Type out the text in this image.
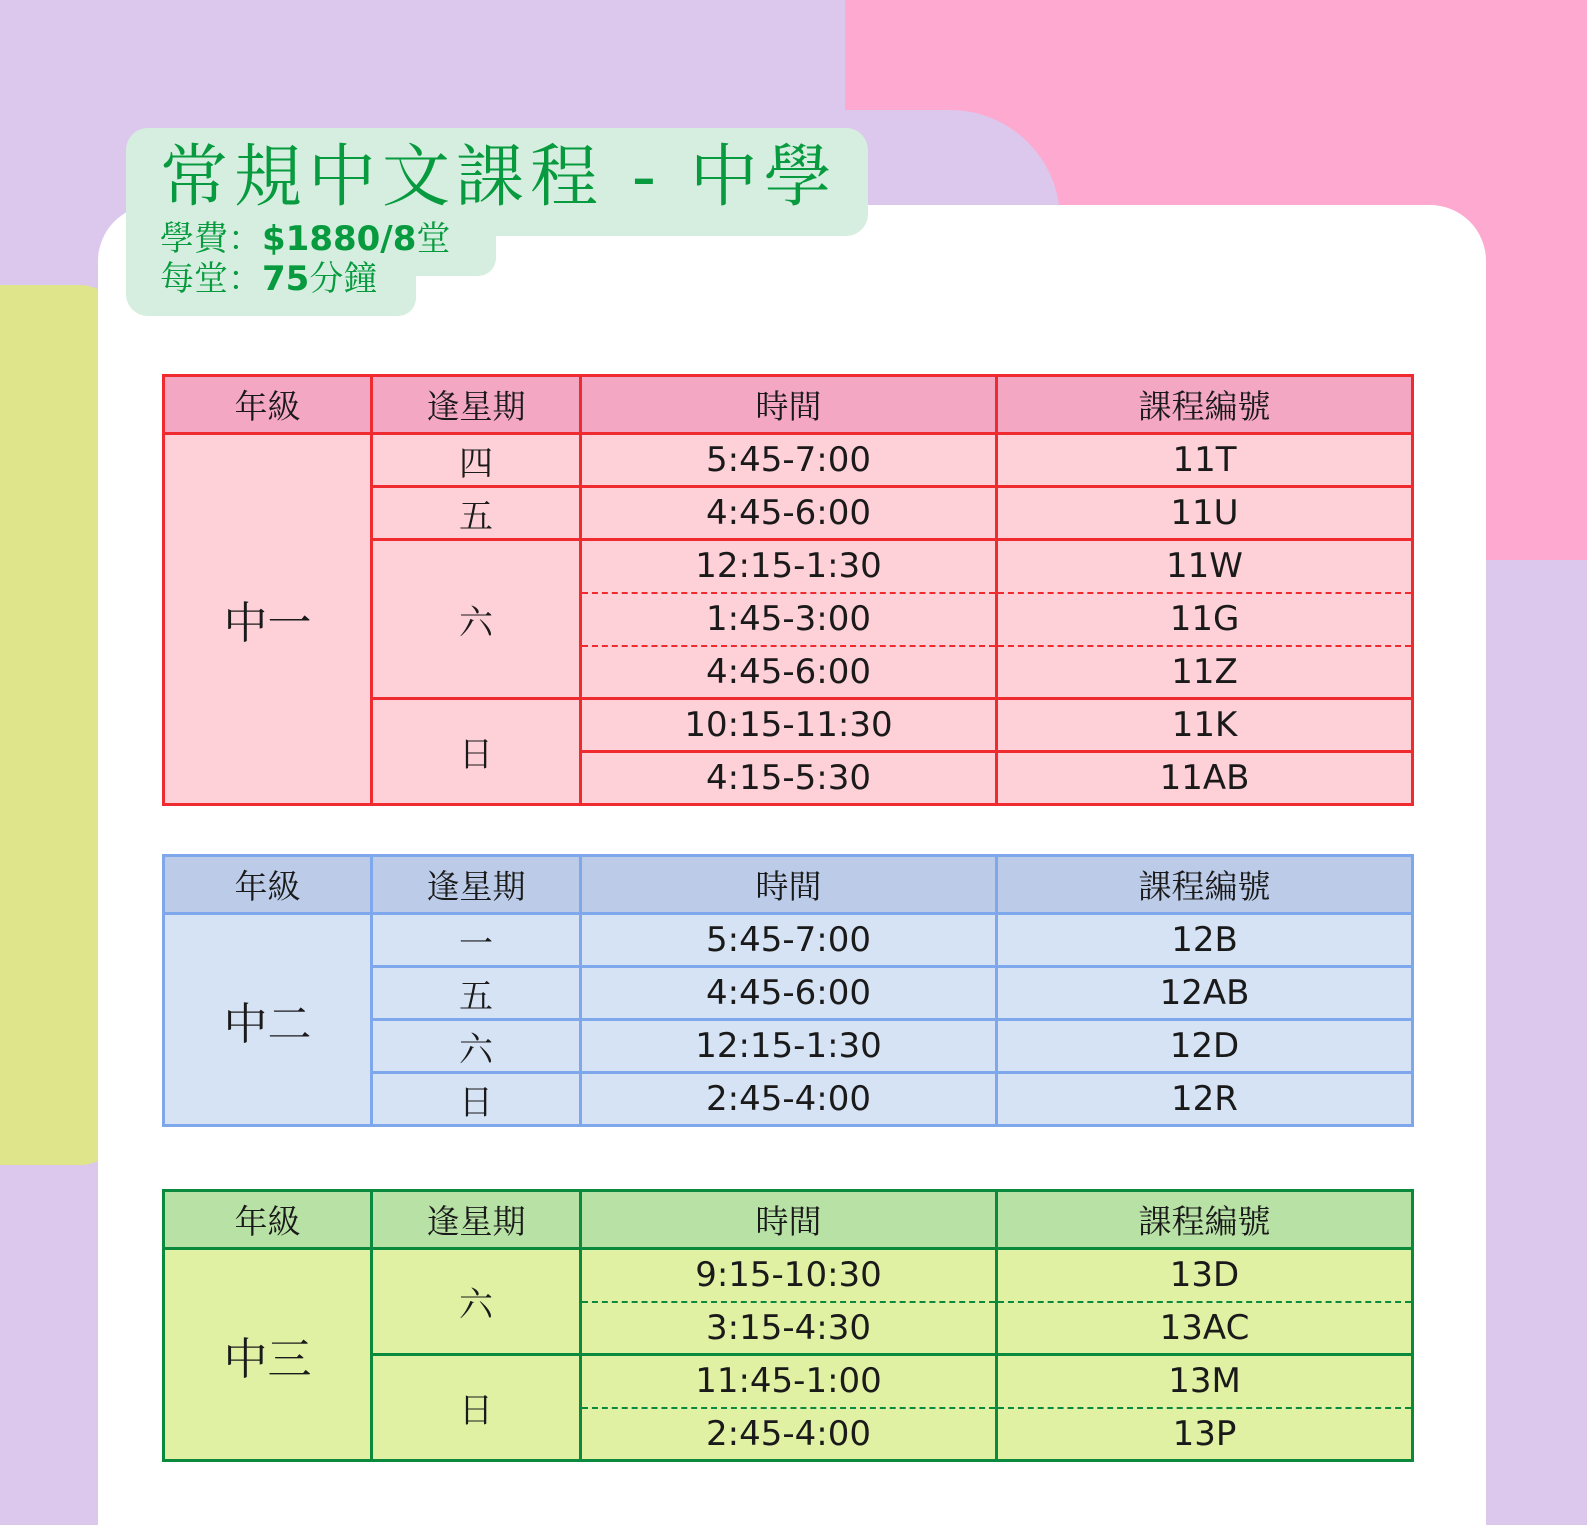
常規中文課程 - 中學
學費：$1880/8堂
每堂：75分鐘
年級	逢星期	時間	課程編號
中一	四	5:45-7:00	11T
	五	4:45-6:00	11U
	六	12:15-1:30	11W
		1:45-3:00	11G
		4:45-6:00	11Z
	日	10:15-11:30	11K
		4:15-5:30	11AB
年級	逢星期	時間	課程編號
中二	一	5:45-7:00	12B
	五	4:45-6:00	12AB
	六	12:15-1:30	12D
	日	2:45-4:00	12R
年級	逢星期	時間	課程編號
中三	六	9:15-10:30	13D
		3:15-4:30	13AC
	日	11:45-1:00	13M
		2:45-4:00	13P
